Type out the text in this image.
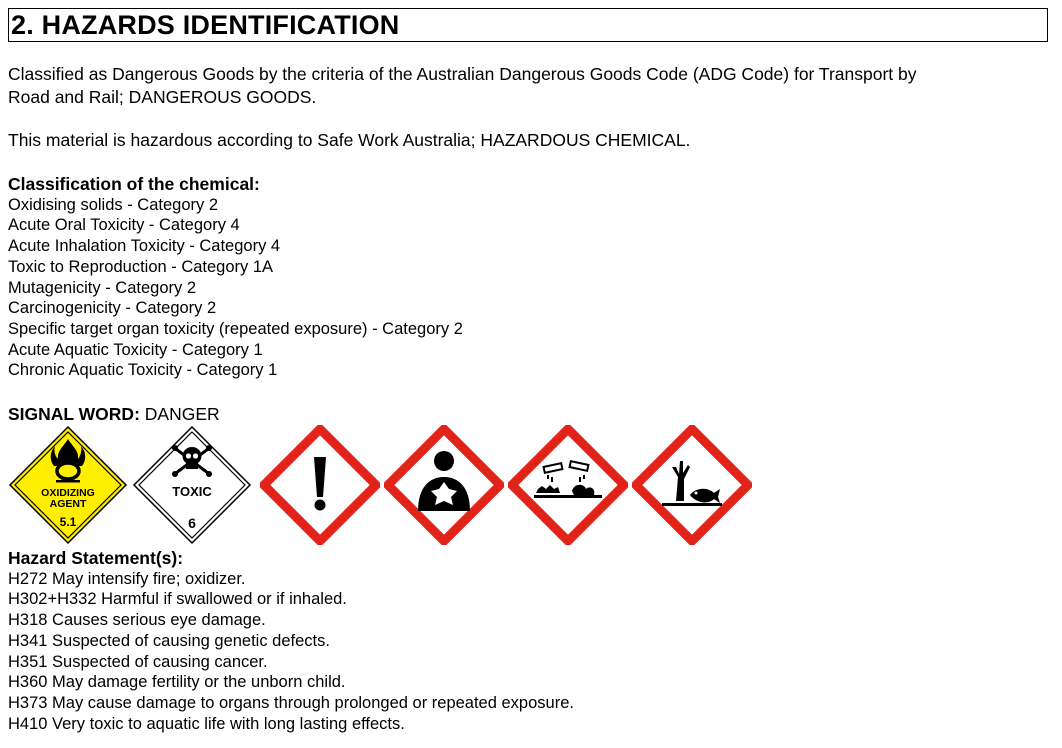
2. HAZARDS IDENTIFICATION
Classified as Dangerous Goods by the criteria of the Australian Dangerous Goods Code (ADG Code) for Transport by
Road and Rail; DANGEROUS GOODS.
This material is hazardous according to Safe Work Australia; HAZARDOUS CHEMICAL.
Classification of the chemical:
Oxidising solids - Category 2
Acute Oral Toxicity - Category 4
Acute Inhalation Toxicity - Category 4
Toxic to Reproduction - Category 1A
Mutagenicity - Category 2
Carcinogenicity - Category 2
Specific target organ toxicity (repeated exposure) - Category 2
Acute Aquatic Toxicity - Category 1
Chronic Aquatic Toxicity - Category 1
SIGNAL WORD: DANGER
OXIDIZING
AGENT
5.1
TOXIC
6
Hazard Statement(s):
H272 May intensify fire; oxidizer.
H302+H332 Harmful if swallowed or if inhaled.
H318 Causes serious eye damage.
H341 Suspected of causing genetic defects.
H351 Suspected of causing cancer.
H360 May damage fertility or the unborn child.
H373 May cause damage to organs through prolonged or repeated exposure.
H410 Very toxic to aquatic life with long lasting effects.
